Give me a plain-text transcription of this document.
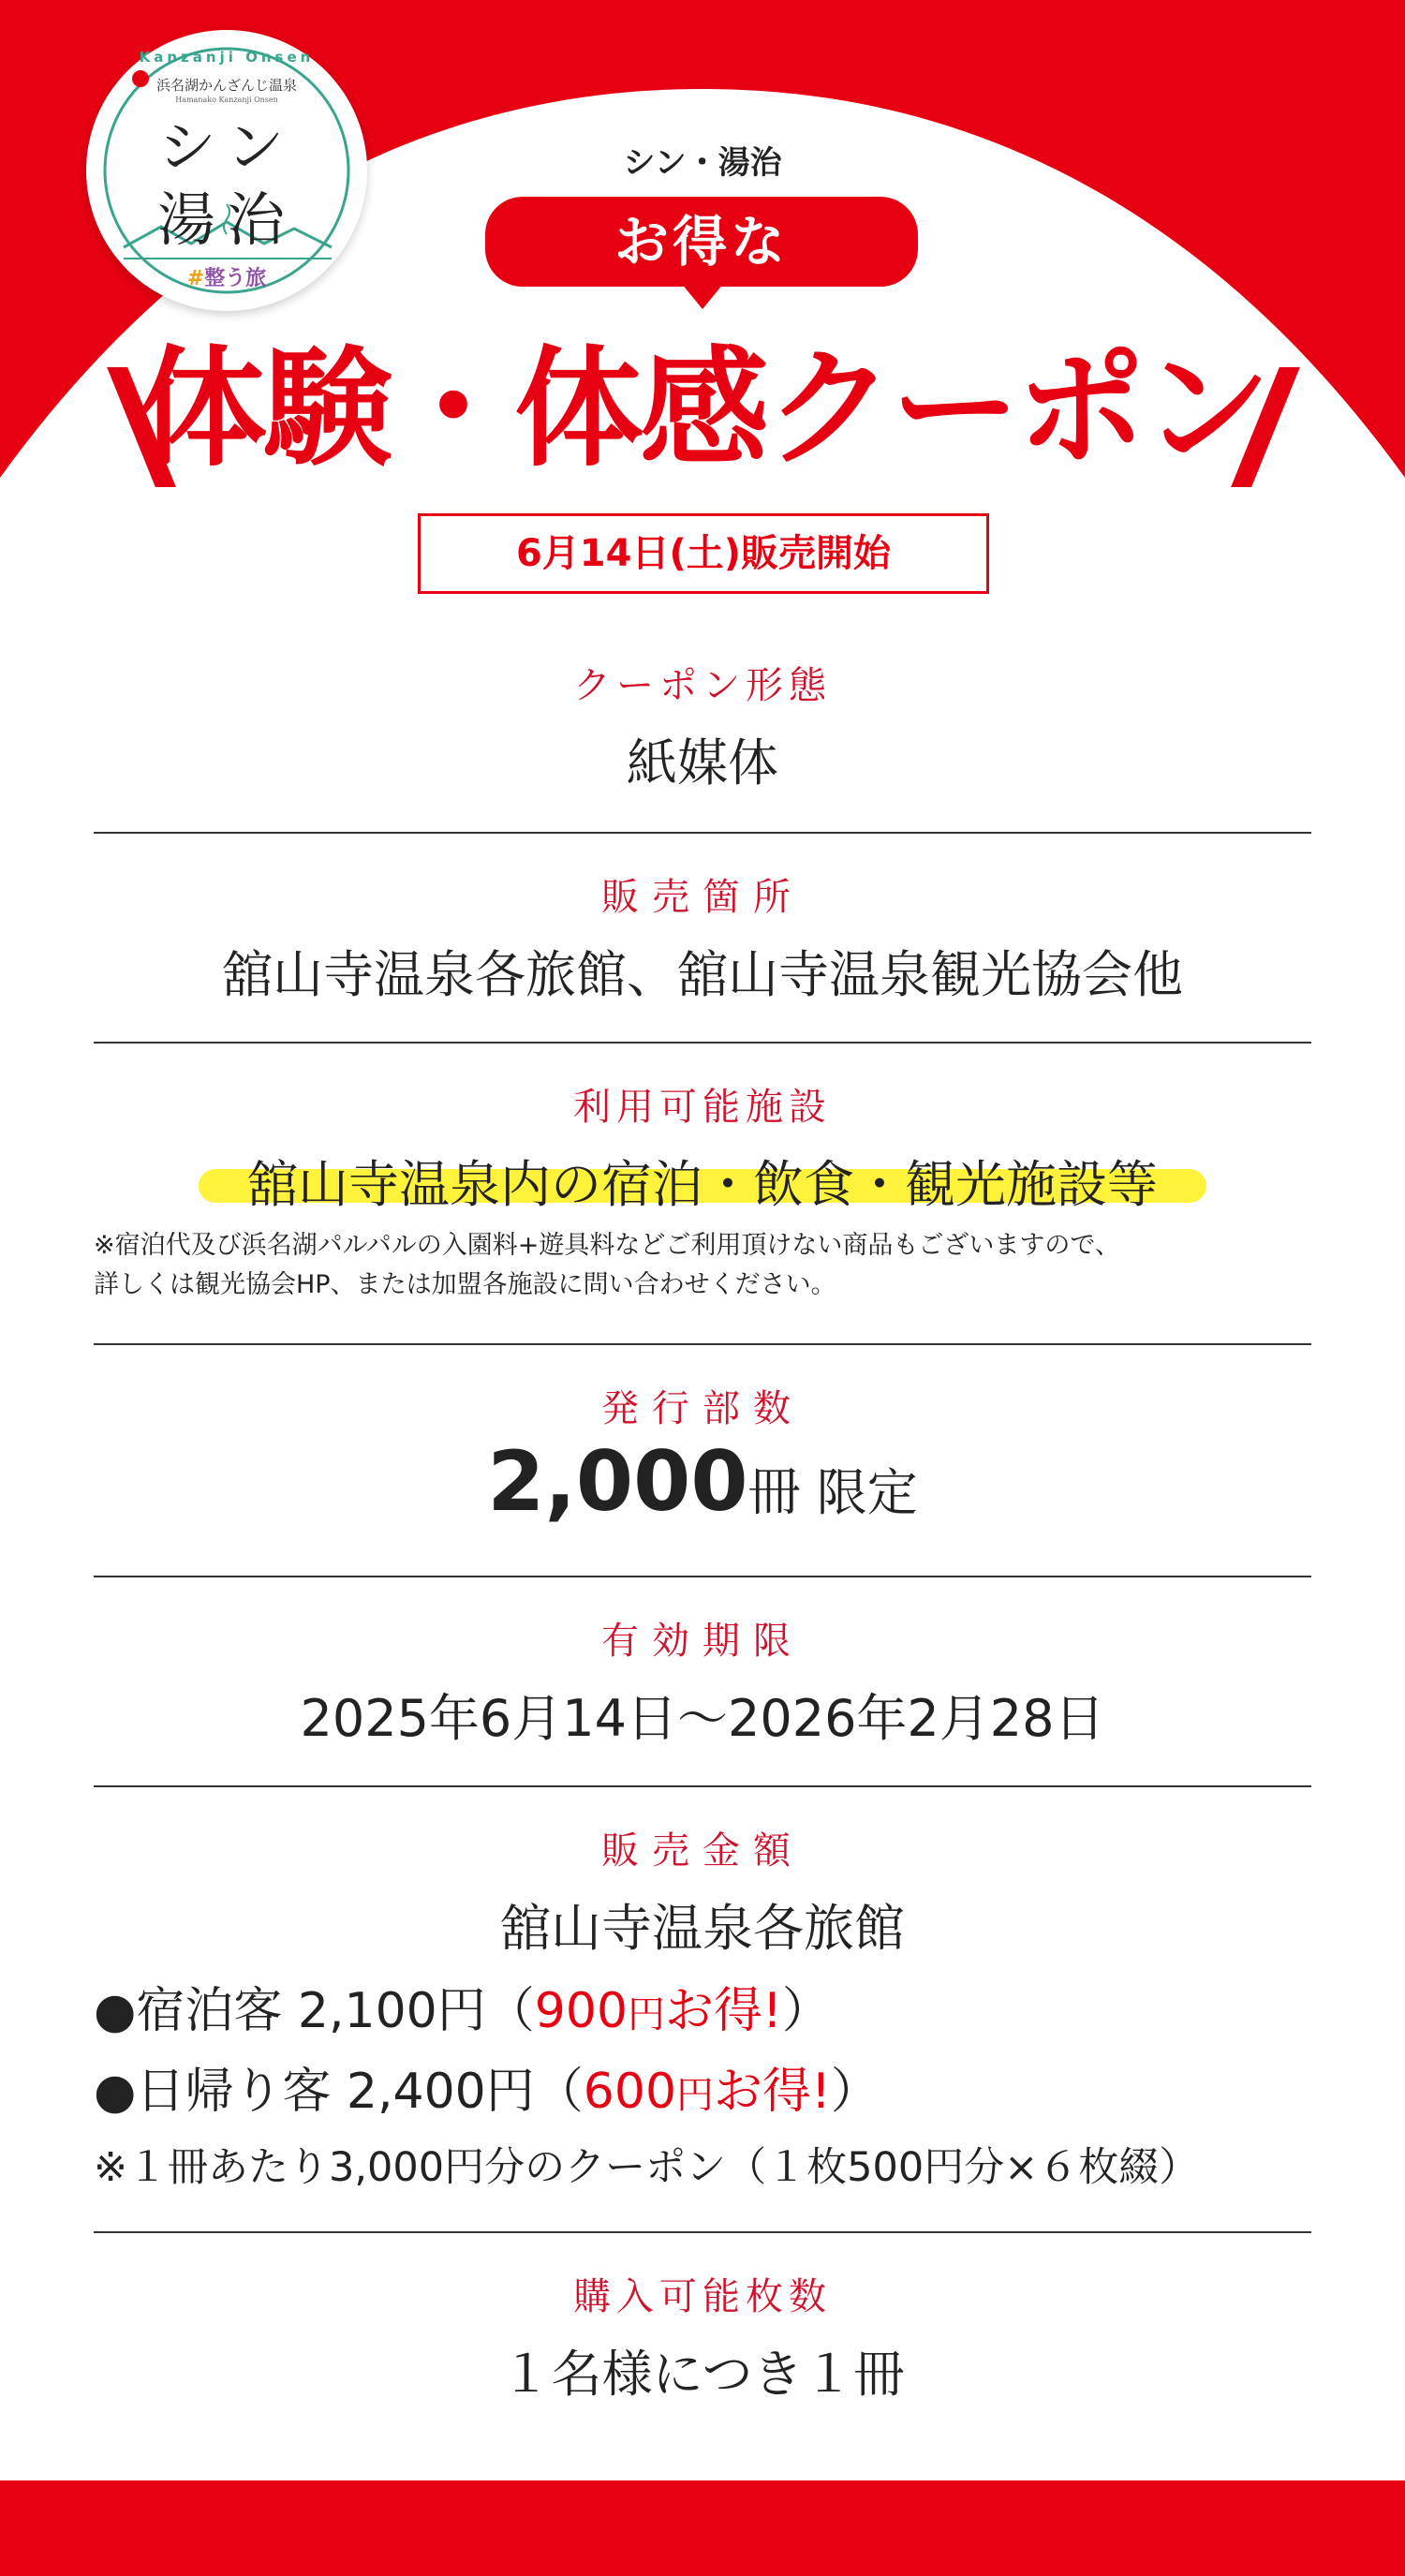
Kanzanji Onsen
浜名湖かんざんじ温泉
Hamanako Kanzanji Onsen
シン
湯治
#整う旅
シン・湯治
お得な
体験・体感クーポン
6月14日(土)販売開始
クーポン形態
紙媒体
販売箇所
舘山寺温泉各旅館、舘山寺温泉観光協会他
利用可能施設
舘山寺温泉内の宿泊・飲食・観光施設等
※宿泊代及び浜名湖パルパルの入園料+遊具料などご利用頂けない商品もございますので、
詳しくは観光協会HP、または加盟各施設に問い合わせください。
発行部数
2,000冊 限定
有効期限
2025年6月14日～2026年2月28日
販売金額
舘山寺温泉各旅館
●宿泊客 2,100円（900円お得!）
●日帰り客 2,400円（600円お得!）
※１冊あたり3,000円分のクーポン（１枚500円分×６枚綴）
購入可能枚数
１名様につき１冊
